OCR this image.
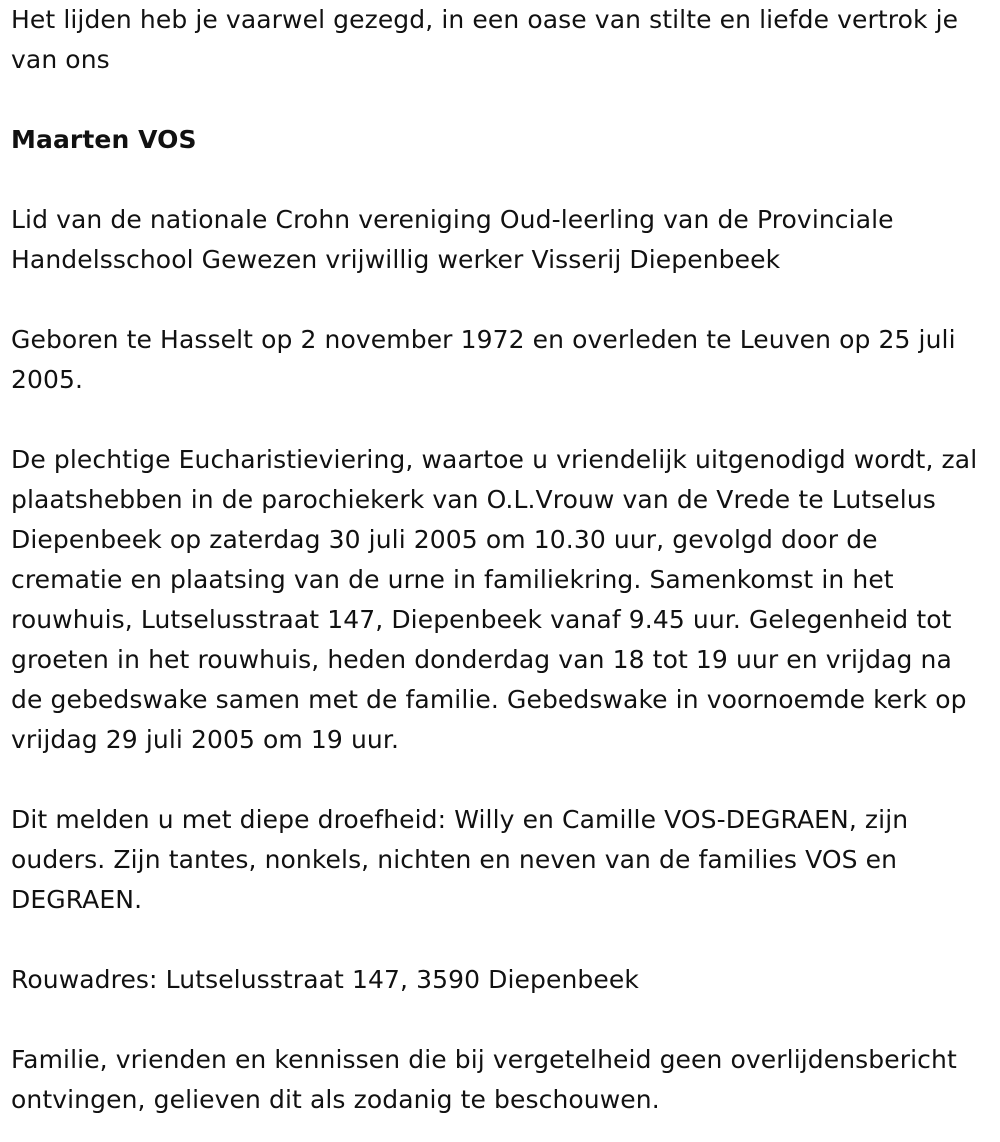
Het lijden heb je vaarwel gezegd, in een oase van stilte en liefde vertrok je van ons

Maarten VOS

Lid van de nationale Crohn vereniging Oud-leerling van de Provinciale Handelsschool Gewezen vrijwillig werker Visserij Diepenbeek

Geboren te Hasselt op 2 november 1972 en overleden te Leuven op 25 juli 2005.

De plechtige Eucharistieviering, waartoe u vriendelijk uitgenodigd wordt, zal plaatshebben in de parochiekerk van O.L.Vrouw van de Vrede te Lutselus Diepenbeek op zaterdag 30 juli 2005 om 10.30 uur, gevolgd door de crematie en plaatsing van de urne in familiekring. Samenkomst in het rouwhuis, Lutselusstraat 147, Diepenbeek vanaf 9.45 uur. Gelegenheid tot groeten in het rouwhuis, heden donderdag van 18 tot 19 uur en vrijdag na de gebedswake samen met de familie. Gebedswake in voornoemde kerk op vrijdag 29 juli 2005 om 19 uur.

Dit melden u met diepe droefheid: Willy en Camille VOS-DEGRAEN, zijn ouders. Zijn tantes, nonkels, nichten en neven van de families VOS en DEGRAEN.

Rouwadres: Lutselusstraat 147, 3590 Diepenbeek

Familie, vrienden en kennissen die bij vergetelheid geen overlijdensbericht ontvingen, gelieven dit als zodanig te beschouwen.
